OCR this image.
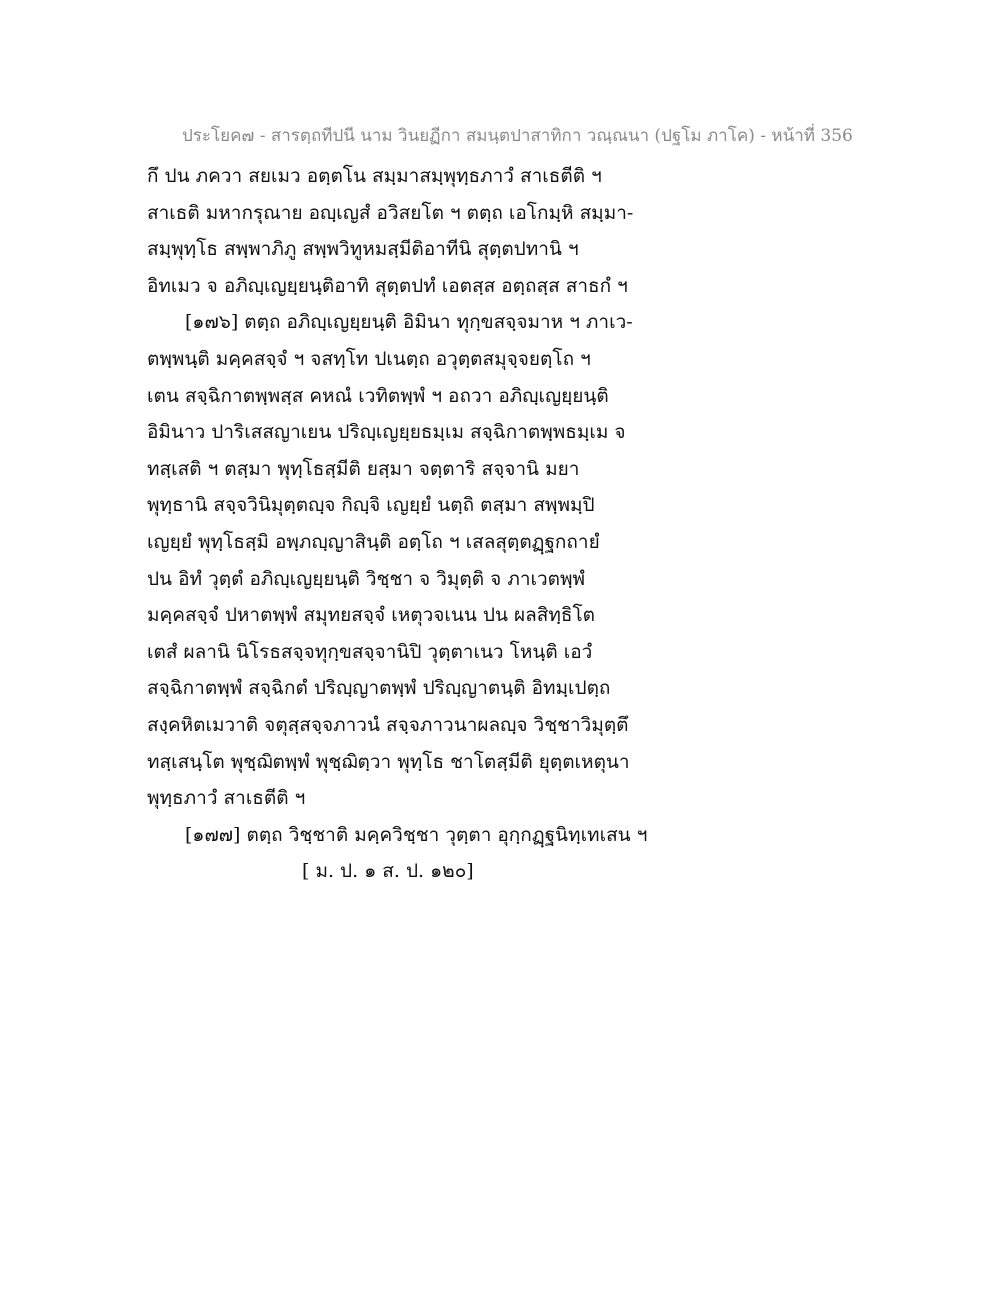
ประโยค๗ - สารตฺถทีปนี นาม วินยฏีกา สมนฺตปาสาทิกา วณฺณนา (ปฐโม ภาโค) - หน้าที่ 356
กึ ปน ภควา สยเมว อตฺตโน สมฺมาสมฺพุทฺธภาวํ สาเธตีติ ฯ
สาเธติ มหากรุณาย อญฺเญสํ อวิสยโต ฯ ตตฺถ เอโกมฺหิ สมฺมา-
สมฺพุทฺโธ สพฺพาภิภู สพฺพวิทูหมสฺมีติอาทีนิ สุตฺตปทานิ ฯ
อิทเมว จ อภิญฺเญยฺยนฺติอาทิ สุตฺตปทํ เอตสฺส อตฺถสฺส สาธกํ ฯ
[๑๗๖] ตตฺถ อภิญฺเญยฺยนฺติ อิมินา ทุกฺขสจฺจมาห ฯ ภาเว-
ตพฺพนฺติ มคฺคสจฺจํ ฯ จสทฺโท ปเนตฺถ อวุตฺตสมุจฺจยตฺโถ ฯ
เตน สจฺฉิกาตพฺพสฺส คหณํ เวทิตพฺพํ ฯ อถวา อภิญฺเญยฺยนฺติ
อิมินาว ปาริเสสญาเยน ปริญฺเญยฺยธมฺเม สจฺฉิกาตพฺพธมฺเม จ
ทสฺเสติ ฯ ตสฺมา พุทฺโธสฺมีติ ยสฺมา จตฺตาริ สจฺจานิ มยา
พุทฺธานิ สจฺจวินิมุตฺตญฺจ กิญฺจิ เญยฺยํ นตฺถิ ตสฺมา สพฺพมฺปิ
เญยฺยํ พุทฺโธสฺมิ อพฺภญฺญาสินฺติ อตฺโถ ฯ เสลสุตฺตฏฺฐกถายํ
ปน อิทํ วุตฺตํ อภิญฺเญยฺยนฺติ วิชฺชา จ วิมุตฺติ จ ภาเวตพฺพํ
มคฺคสจฺจํ ปหาตพฺพํ สมุทยสจฺจํ เหตุวจเนน ปน ผลสิทฺธิโต
เตสํ ผลานิ นิโรธสจฺจทุกฺขสจฺจานิปิ วุตฺตาเนว โหนฺติ เอวํ
สจฺฉิกาตพฺพํ สจฺฉิกตํ ปริญฺญาตพฺพํ ปริญฺญาตนฺติ อิทมฺเปตฺถ
สงฺคหิตเมวาติ จตุสฺสจฺจภาวนํ สจฺจภาวนาผลญฺจ วิชฺชาวิมุตฺตึ
ทสฺเสนฺโต พุชฺฌิตพฺพํ พุชฺฌิตฺวา พุทฺโธ ชาโตสฺมีติ ยุตฺตเหตุนา
พุทฺธภาวํ สาเธตีติ ฯ
[๑๗๗] ตตฺถ วิชฺชาติ มคฺควิชฺชา วุตฺตา อุกฺกฏฺฐนิทฺเทเสน ฯ
[ ม. ป. ๑ ส. ป. ๑๒๐]
